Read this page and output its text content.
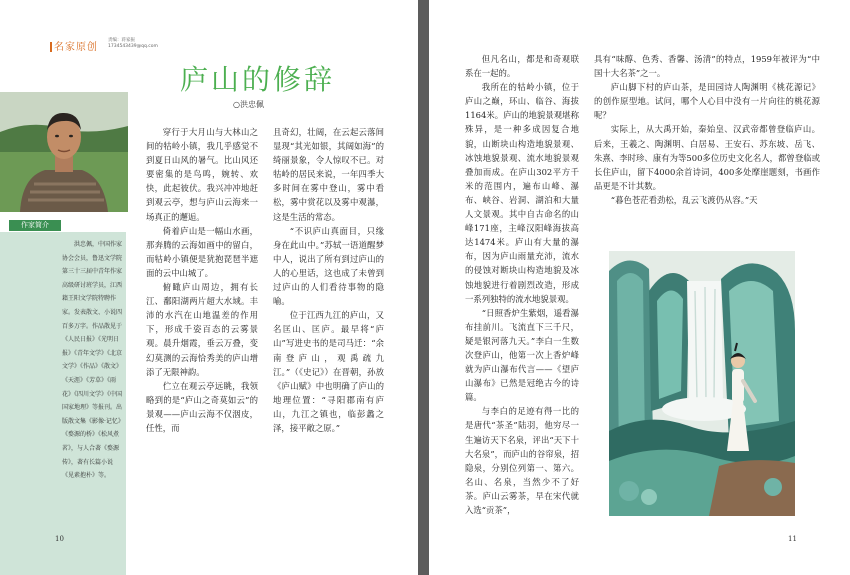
名家原创
责编：蒋家振
1734543439@qq.com
庐山的修辞
○洪忠佩
作家简介

洪忠佩，中国作家协会会员，鲁迅文学院第三十三届中青年作家高级研讨班学员，江西籍王阳文学院特聘作家。发表散文、小说四百多万字。作品散见于《人民日报》《光明日报》《青年文学》《北京文学》《作品》《散文》《天涯》《芳草》《雨花》《四川文学》《中国国家地理》等报刊。出版散文集《影像·记忆》《婺源的桥》《松风煮茗》，与人合著《婺源传》，著有长篇小说《见素抱朴》等。

穿行于大月山与大林山之间的牯岭小镇，我几乎感觉不到夏日山风的暑气。比山风还要密集的是鸟鸣，婉转、欢快，此起彼伏。我兴冲冲地赶到观云亭，想与庐山云海来一场真正的邂逅。

倚着庐山是一幅山水画，那奔腾的云海如画中的留白，而牯岭小镇便是犹抱琵琶半遮面的云中山城了。

俯瞰庐山周边，拥有长江、鄱阳湖两片超大水域。丰沛的水汽在山地温差的作用下，形成千姿百态的云雾景观。晨升烟霞，垂云万叠，变幻莫测的云海恰秀美的庐山增添了无限神韵。

伫立在观云亭远眺，我领略到的是“庐山之奇莫如云”的景观——庐山云海不仅洇皮，任性，而

且奇幻，壮阔，在云起云落间显现“其光如银，其阔如海”的绮丽景象，令人惊叹不已。对牯岭的居民来说，一年四季大多时间在雾中登山，雾中看松，雾中赏花以及雾中观瀑，这是生活的常态。

“不识庐山真面目，只缘身在此山中。”苏轼一语道醒梦中人，说出了所有到过庐山的人的心里话，这也成了未曾到过庐山的人们看待事物的隐喻。

位于江西九江的庐山，又名匡山、匡庐。最早将“庐山”写进史书的是司马迁：“余南登庐山，观禹疏九江。”（《史记》）在晋朝，孙放《庐山赋》中也明确了庐山的地理位置：“寻阳郡南有庐山，九江之镇也，临彭蠡之泽，接平敞之原。”

10

但凡名山，都是和奇观联系在一起的。

我所在的牯岭小镇，位于庐山之巅，环山、临谷、海拔1164米。庐山的地貌景观堪称殊异，是一种多成因复合地貌，山断块山构造地貌景观、冰蚀地貌景观、流水地貌景观叠加而成。在庐山302平方千米的范围内，遍布山峰、瀑布、峡谷、岩洞、湖泊和大量人文景观。其中自古命名的山峰171座，主峰汉阳峰海拔高达1474米。庐山有大量的瀑布，因为庐山雨量充沛，流水的侵蚀对断块山构造地貌及冰蚀地貌进行着剧烈改造，形成一系列独特的流水地貌景观。

“日照香炉生紫烟，遥看瀑布挂前川。飞流直下三千尺，疑是银河落九天。”李白一生数次登庐山，他第一次上香炉峰就为庐山瀑布代言——《望庐山瀑布》已然是冠绝古今的诗篇。

与李白的足迹有得一比的是唐代“茶圣”陆羽，他穷尽一生遍访天下名泉，评出“天下十大名泉”，而庐山的谷帘泉，招隐泉，分别位列第一、第六。名山、名泉，当然少不了好茶。庐山云雾茶，早在宋代就入选“贡茶”，

具有“味醇、色秀、香馨、汤清”的特点，1959年被评为“中国十大名茶”之一。

庐山脚下村的庐山茶，是田园诗人陶渊明《桃花源记》的创作原型地。试问，哪个人心目中没有一片向往的桃花源呢？

实际上，从大禹开始，秦始皇、汉武帝都曾登临庐山。后来，王羲之、陶渊明、白居易、王安石、苏东坡、岳飞、朱熹、李时珍、康有为等500多位历史文化名人，都曾登临或长住庐山，留下4000余首诗词，400多处摩崖题刻，书画作品更是不计其数。

“暮色苍茫看劲松，乱云飞渡仍从容。”天

11
